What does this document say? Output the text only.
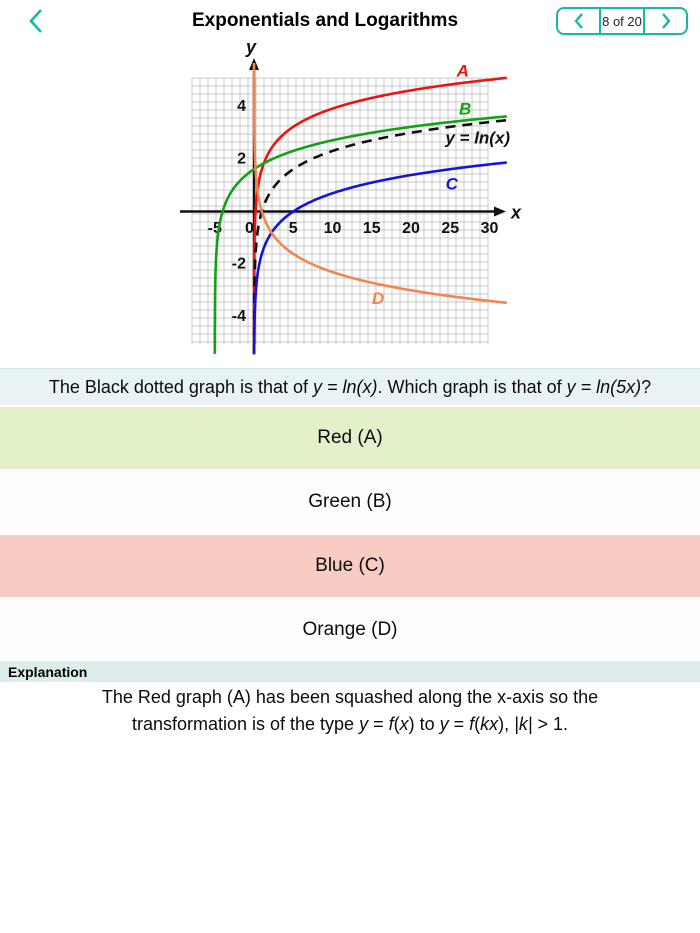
Exponentials and Logarithms	8 of 20
-5 0 5 10 15 20 25 30
4
2
-2
-4
x
y
A
B
y = ln(x)
C
D
The Black dotted graph is that of y = ln(x). Which graph is that of y = ln(5x)?
Red (A)
Green (B)
Blue (C)
Orange (D)
Explanation
The Red graph (A) has been squashed along the x-axis so the
transformation is of the type y = f(x) to y = f(kx), |k| > 1.
